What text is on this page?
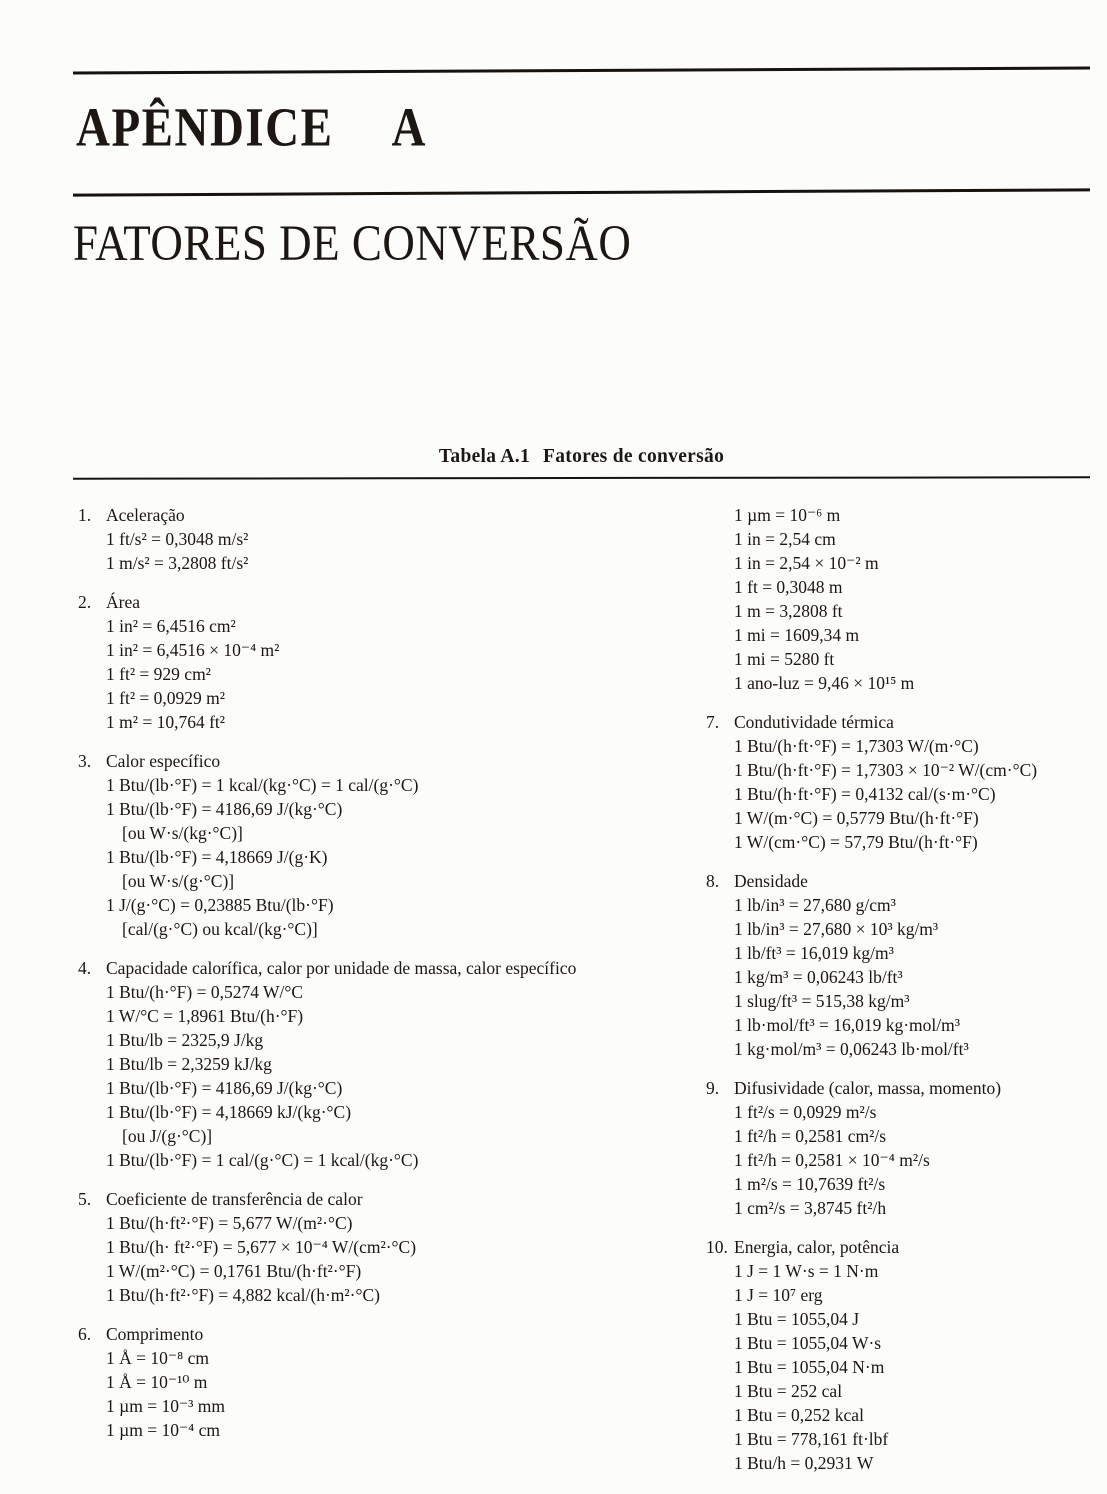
APÊNDICE A
FATORES DE CONVERSÃO
Tabela A.1 Fatores de conversão
1. Aceleração
1 ft/s² = 0,3048 m/s²
1 m/s² = 3,2808 ft/s²
2. Área
1 in² = 6,4516 cm²
1 in² = 6,4516 × 10⁻⁴ m²
1 ft² = 929 cm²
1 ft² = 0,0929 m²
1 m² = 10,764 ft²
3. Calor específico
1 Btu/(lb·°F) = 1 kcal/(kg·°C) = 1 cal/(g·°C)
1 Btu/(lb·°F) = 4186,69 J/(kg·°C)
[ou W·s/(kg·°C)]
1 Btu/(lb·°F) = 4,18669 J/(g·K)
[ou W·s/(g·°C)]
1 J/(g·°C) = 0,23885 Btu/(lb·°F)
[cal/(g·°C) ou kcal/(kg·°C)]
4. Capacidade calorífica, calor por unidade de massa, calor específico
1 Btu/(h·°F) = 0,5274 W/°C
1 W/°C = 1,8961 Btu/(h·°F)
1 Btu/lb = 2325,9 J/kg
1 Btu/lb = 2,3259 kJ/kg
1 Btu/(lb·°F) = 4186,69 J/(kg·°C)
1 Btu/(lb·°F) = 4,18669 kJ/(kg·°C)
[ou J/(g·°C)]
1 Btu/(lb·°F) = 1 cal/(g·°C) = 1 kcal/(kg·°C)
5. Coeficiente de transferência de calor
1 Btu/(h·ft²·°F) = 5,677 W/(m²·°C)
1 Btu/(h· ft²·°F) = 5,677 × 10⁻⁴ W/(cm²·°C)
1 W/(m²·°C) = 0,1761 Btu/(h·ft²·°F)
1 Btu/(h·ft²·°F) = 4,882 kcal/(h·m²·°C)
6. Comprimento
1 Å = 10⁻⁸ cm
1 Å = 10⁻¹⁰ m
1 µm = 10⁻³ mm
1 µm = 10⁻⁴ cm
1 µm = 10⁻⁶ m
1 in = 2,54 cm
1 in = 2,54 × 10⁻² m
1 ft = 0,3048 m
1 m = 3,2808 ft
1 mi = 1609,34 m
1 mi = 5280 ft
1 ano-luz = 9,46 × 10¹⁵ m
7. Condutividade térmica
1 Btu/(h·ft·°F) = 1,7303 W/(m·°C)
1 Btu/(h·ft·°F) = 1,7303 × 10⁻² W/(cm·°C)
1 Btu/(h·ft·°F) = 0,4132 cal/(s·m·°C)
1 W/(m·°C) = 0,5779 Btu/(h·ft·°F)
1 W/(cm·°C) = 57,79 Btu/(h·ft·°F)
8. Densidade
1 lb/in³ = 27,680 g/cm³
1 lb/in³ = 27,680 × 10³ kg/m³
1 lb/ft³ = 16,019 kg/m³
1 kg/m³ = 0,06243 lb/ft³
1 slug/ft³ = 515,38 kg/m³
1 lb·mol/ft³ = 16,019 kg·mol/m³
1 kg·mol/m³ = 0,06243 lb·mol/ft³
9. Difusividade (calor, massa, momento)
1 ft²/s = 0,0929 m²/s
1 ft²/h = 0,2581 cm²/s
1 ft²/h = 0,2581 × 10⁻⁴ m²/s
1 m²/s = 10,7639 ft²/s
1 cm²/s = 3,8745 ft²/h
10. Energia, calor, potência
1 J = 1 W·s = 1 N·m
1 J = 10⁷ erg
1 Btu = 1055,04 J
1 Btu = 1055,04 W·s
1 Btu = 1055,04 N·m
1 Btu = 252 cal
1 Btu = 0,252 kcal
1 Btu = 778,161 ft·lbf
1 Btu/h = 0,2931 W
